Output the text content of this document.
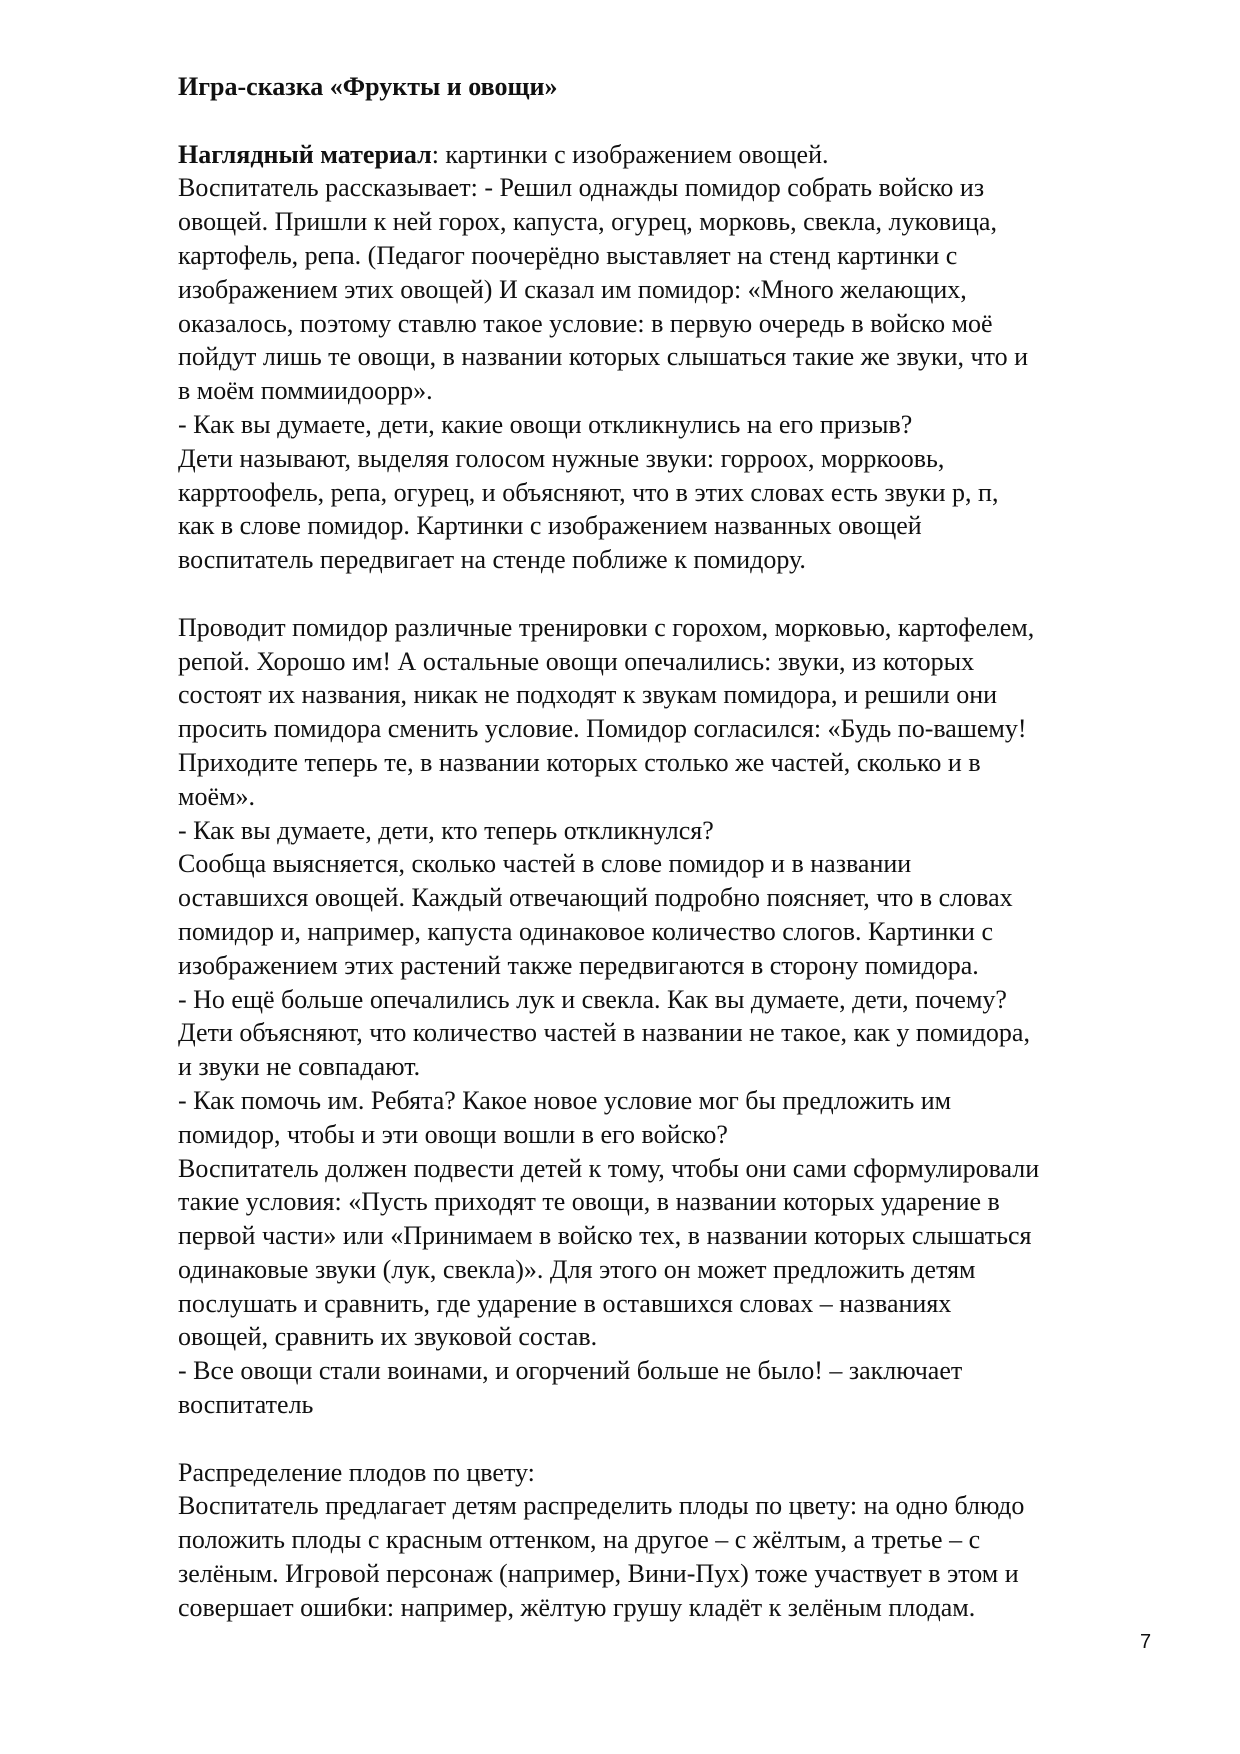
Игра-сказка «Фрукты и овощи»

Наглядный материал: картинки с изображением овощей.
Воспитатель рассказывает: - Решил однажды помидор собрать войско из
овощей. Пришли к ней горох, капуста, огурец, морковь, свекла, луковица,
картофель, репа. (Педагог поочерёдно выставляет на стенд картинки с
изображением этих овощей) И сказал им помидор: «Много желающих,
оказалось, поэтому ставлю такое условие: в первую очередь в войско моё
пойдут лишь те овощи, в названии которых слышаться такие же звуки, что и
в моём поммиидоорр».
- Как вы думаете, дети, какие овощи откликнулись на его призыв?
Дети называют, выделяя голосом нужные звуки: горроох, морркоовь,
карртоофель, репа, огурец, и объясняют, что в этих словах есть звуки р, п,
как в слове помидор. Картинки с изображением названных овощей
воспитатель передвигает на стенде поближе к помидору.
Проводит помидор различные тренировки с горохом, морковью, картофелем,
репой. Хорошо им! А остальные овощи опечалились: звуки, из которых
состоят их названия, никак не подходят к звукам помидора, и решили они
просить помидора сменить условие. Помидор согласился: «Будь по-вашему!
Приходите теперь те, в названии которых столько же частей, сколько и в
моём».
- Как вы думаете, дети, кто теперь откликнулся?
Сообща выясняется, сколько частей в слове помидор и в названии
оставшихся овощей. Каждый отвечающий подробно поясняет, что в словах
помидор и, например, капуста одинаковое количество слогов. Картинки с
изображением этих растений также передвигаются в сторону помидора.
- Но ещё больше опечалились лук и свекла. Как вы думаете, дети, почему?
Дети объясняют, что количество частей в названии не такое, как у помидора,
и звуки не совпадают.
- Как помочь им. Ребята? Какое новое условие мог бы предложить им
помидор, чтобы и эти овощи вошли в его войско?
Воспитатель должен подвести детей к тому, чтобы они сами сформулировали
такие условия: «Пусть приходят те овощи, в названии которых ударение в
первой части» или «Принимаем в войско тех, в названии которых слышаться
одинаковые звуки (лук, свекла)». Для этого он может предложить детям
послушать и сравнить, где ударение в оставшихся словах – названиях
овощей, сравнить их звуковой состав.
- Все овощи стали воинами, и огорчений больше не было! – заключает
воспитатель
Распределение плодов по цвету:
Воспитатель предлагает детям распределить плоды по цвету: на одно блюдо
положить плоды с красным оттенком, на другое – с жёлтым, а третье – с
зелёным. Игровой персонаж (например, Вини-Пух) тоже участвует в этом и
совершает ошибки: например, жёлтую грушу кладёт к зелёным плодам.
7
